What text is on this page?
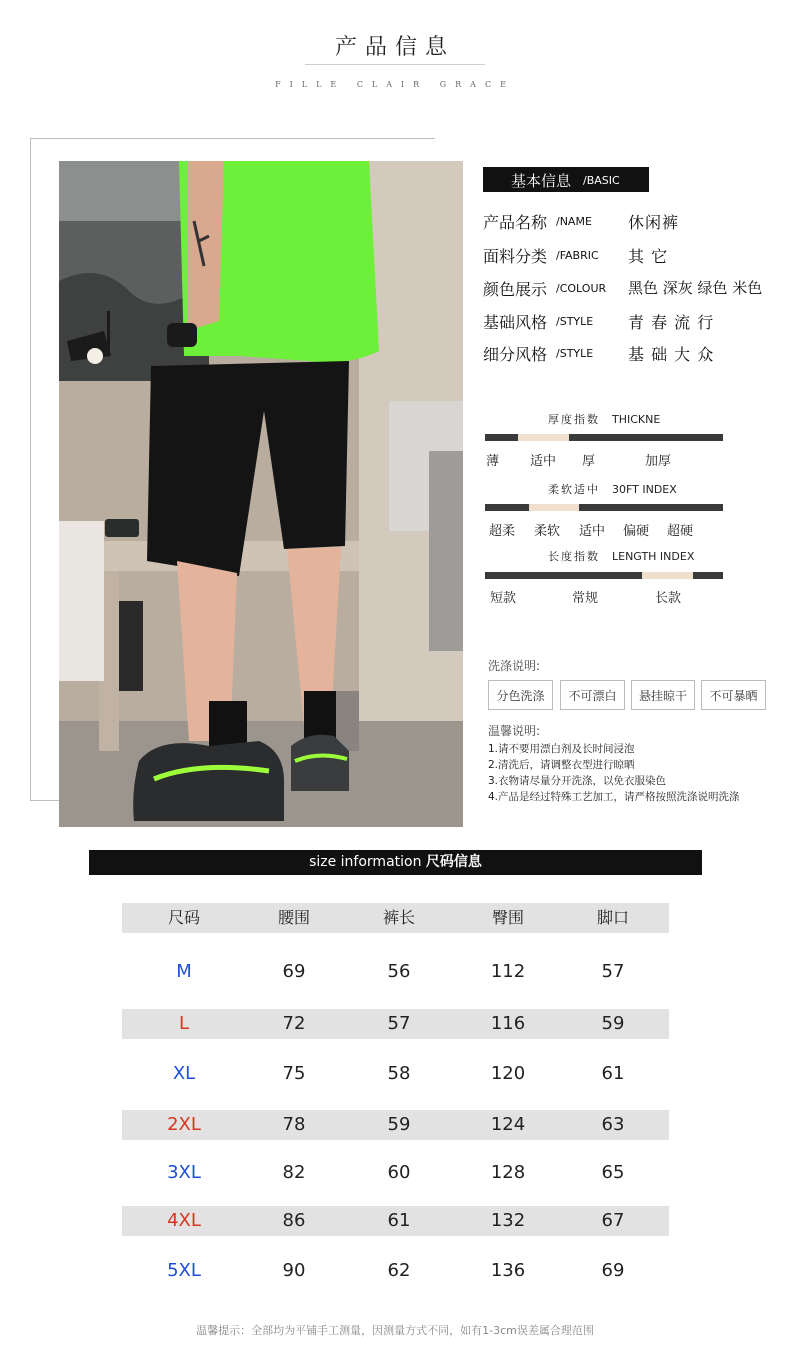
产品信息
FILLE CLAIR GRACE
基本信息 /BASIC
产品名称 /NAME 休闲裤
面料分类 /FABRIC 其 它
颜色展示 /COLOUR 黑色 深灰 绿色 米色
基础风格 /STYLE 青 春 流 行
细分风格 /STYLE 基 础 大 众
厚度指数 THICKNE
薄 适中 厚	加厚
柔软适中 30FT INDEX
超柔 柔软 适中 偏硬 超硬
长度指数 LENGTH INDEX
短款	常规	长款
洗涤说明:
分色洗涤	不可漂白	悬挂晾干	不可暴晒
温馨说明:
1.请不要用漂白剂及长时间浸泡
2.清洗后，请调整衣型进行晾晒
3.衣物请尽量分开洗涤，以免衣服染色
4.产品是经过特殊工艺加工，请严格按照洗涤说明洗涤
size information 尺码信息
尺码	腰围	裤长	臀围	脚口
M	69	56	112	57
L	72	57	116	59
XL	75	58	120	61
2XL	78	59	124	63
3XL	82	60	128	65
4XL	86	61	132	67
5XL	90	62	136	69
温馨提示：全部均为平铺手工测量，因测量方式不同，如有1-3cm误差属合理范围
